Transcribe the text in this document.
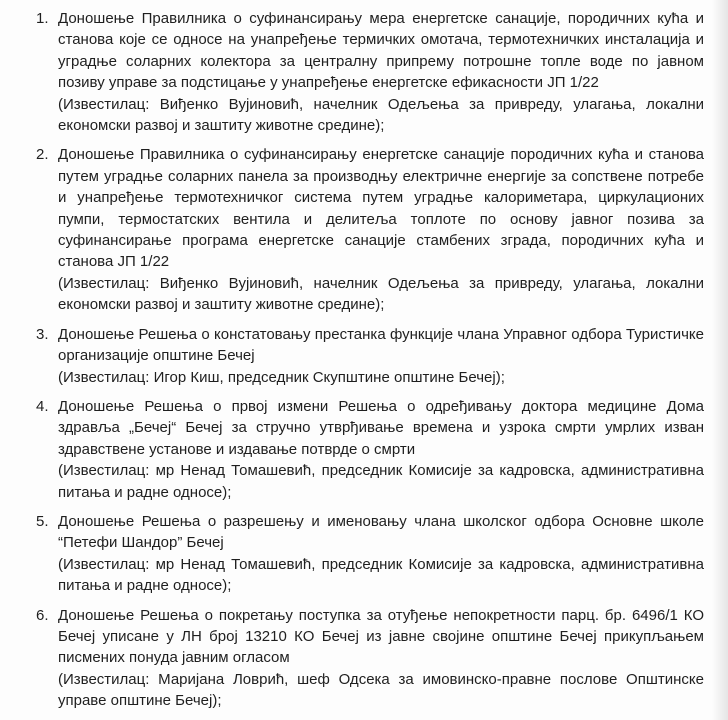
1. Доношење Правилника о суфинансирању мера енергетске санације, породичних кућа и станова које се односе на унапређење термичких омотача, термотехничких инсталација и уградње соларних колектора за централну припрему потрошне топле воде по јавном позиву управе за подстицање у унапређење енергетске ефикасности ЈП 1/22

(Известилац: Виђенко Вујиновић, начелник Одељења за привреду, улагања, локални економски развој и заштиту животне средине);

2. Доношење Правилника о суфинансирању енергетске санације породичних кућа и станова путем уградње соларних панела за производњу електричне енергије за сопствене потребе и унапређење термотехничког система путем уградње калориметара, циркулационих пумпи, термостатских вентила и делитеља топлоте по основу јавног позива за суфинансирање програма енергетске санације стамбених зграда, породичних кућа и станова ЈП 1/22

(Известилац: Виђенко Вујиновић, начелник Одељења за привреду, улагања, локални економски развој и заштиту животне средине);

3. Доношење Решења о констатовању престанка функције члана Управног одбора Туристичке организације општине Бечеј

(Известилац: Игор Киш, председник Скупштине општине Бечеј);

4. Доношење Решења о првој измени Решења о одређивању доктора медицине Дома здравља „Бечеј“ Бечеј за стручно утврђивање времена и узрока смрти умрлих изван здравствене установе и издавање потврде о смрти

(Известилац: мр Ненад Томашевић, председник Комисије за кадровска, административна питања и радне односе);

5. Доношење Решења о разрешењу и именовању члана школског одбора Основне школе “Петефи Шандор” Бечеј

(Известилац: мр Ненад Томашевић, председник Комисије за кадровска, административна питања и радне односе);

6. Доношење Решења о покретању поступка за отуђење непокретности парц. бр. 6496/1 КО Бечеј уписане у ЛН број 13210 КО Бечеј из јавне својине општине Бечеј прикупљањем писмених понуда јавним огласом

(Известилац: Маријана Ловрић, шеф Одсека за имовинско-правне послове Општинске управе општине Бечеј);
